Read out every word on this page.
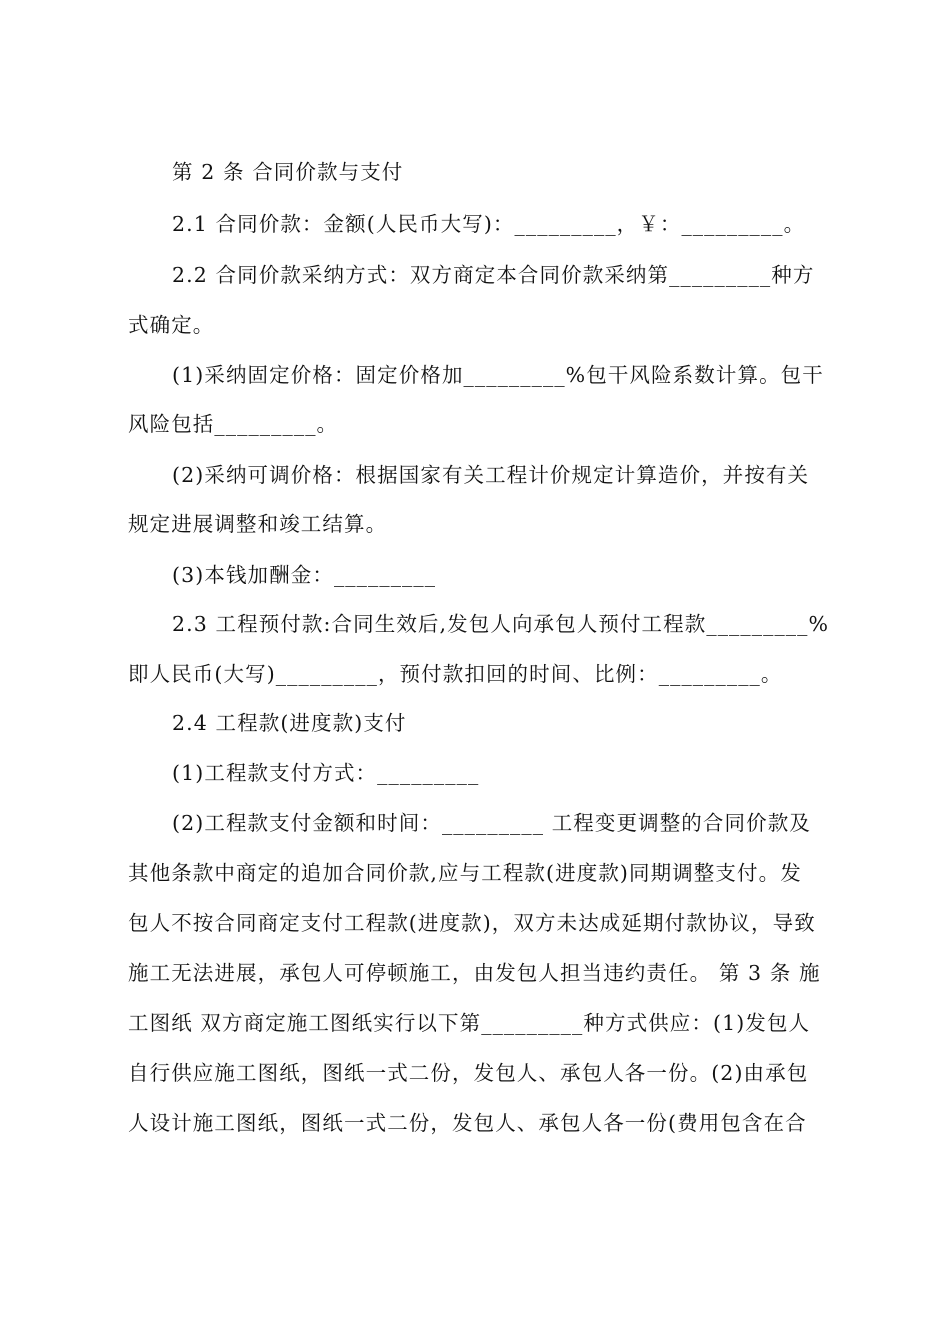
第 2 条 合同价款与支付
2.1 合同价款：金额(人民币大写)：_________，￥：_________。
2.2 合同价款采纳方式：双方商定本合同价款采纳第_________种方
式确定。
(1)采纳固定价格：固定价格加_________%包干风险系数计算。包干
风险包括_________。
(2)采纳可调价格：根据国家有关工程计价规定计算造价，并按有关
规定进展调整和竣工结算。
(3)本钱加酬金：_________
2.3 工程预付款:合同生效后,发包人向承包人预付工程款_________%
即人民币(大写)_________，预付款扣回的时间、比例：_________。
2.4 工程款(进度款)支付
(1)工程款支付方式：_________
(2)工程款支付金额和时间：_________ 工程变更调整的合同价款及
其他条款中商定的追加合同价款,应与工程款(进度款)同期调整支付。发
包人不按合同商定支付工程款(进度款)，双方未达成延期付款协议，导致
施工无法进展，承包人可停顿施工，由发包人担当违约责任。 第 3 条 施
工图纸 双方商定施工图纸实行以下第_________种方式供应：(1)发包人
自行供应施工图纸，图纸一式二份，发包人、承包人各一份。(2)由承包
人设计施工图纸，图纸一式二份，发包人、承包人各一份(费用包含在合
